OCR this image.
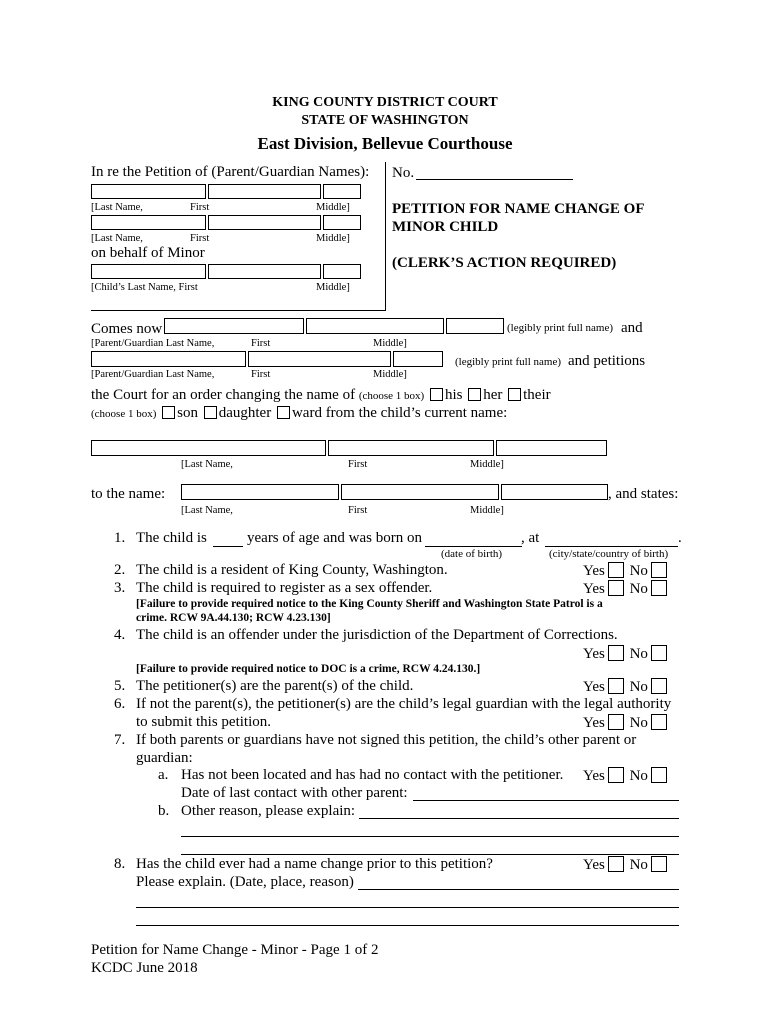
KING COUNTY DISTRICT COURT
STATE OF WASHINGTON
East Division, Bellevue Courthouse
In re the Petition of (Parent/Guardian Names):
[Last Name,	First	Middle]
[Last Name,	First	Middle]
on behalf of Minor
[Child’s Last Name, First	Middle]
No.
PETITION FOR NAME CHANGE OF
MINOR CHILD
(CLERK’S ACTION REQUIRED)
Comes now	(legibly print full name) and
[Parent/Guardian Last Name,	First	Middle]
(legibly print full name) and petitions
[Parent/Guardian Last Name,	First	Middle]
the Court for an order changing the name of (choose 1 box) his her their
(choose 1 box) son daughter ward from the child’s current name:
[Last Name,	First	Middle]
to the name:	, and states:
[Last Name,	First	Middle]
1. The child is	years of age and was born on	, at	.
(date of birth)	(city/state/country of birth)
2. The child is a resident of King County, Washington.	Yes No
3. The child is required to register as a sex offender.	Yes No
[Failure to provide required notice to the King County Sheriff and Washington State Patrol is a
crime. RCW 9A.44.130; RCW 4.23.130]
4. The child is an offender under the jurisdiction of the Department of Corrections.
Yes No
[Failure to provide required notice to DOC is a crime, RCW 4.24.130.]
5. The petitioner(s) are the parent(s) of the child.	Yes No
6. If not the parent(s), the petitioner(s) are the child’s legal guardian with the legal authority
to submit this petition.	Yes No
7. If both parents or guardians have not signed this petition, the child’s other parent or
guardian:
a. Has not been located and has had no contact with the petitioner. Yes No
Date of last contact with other parent:
b. Other reason, please explain:
8. Has the child ever had a name change prior to this petition?	Yes No
Please explain. (Date, place, reason)
Petition for Name Change - Minor - Page 1 of 2
KCDC June 2018
